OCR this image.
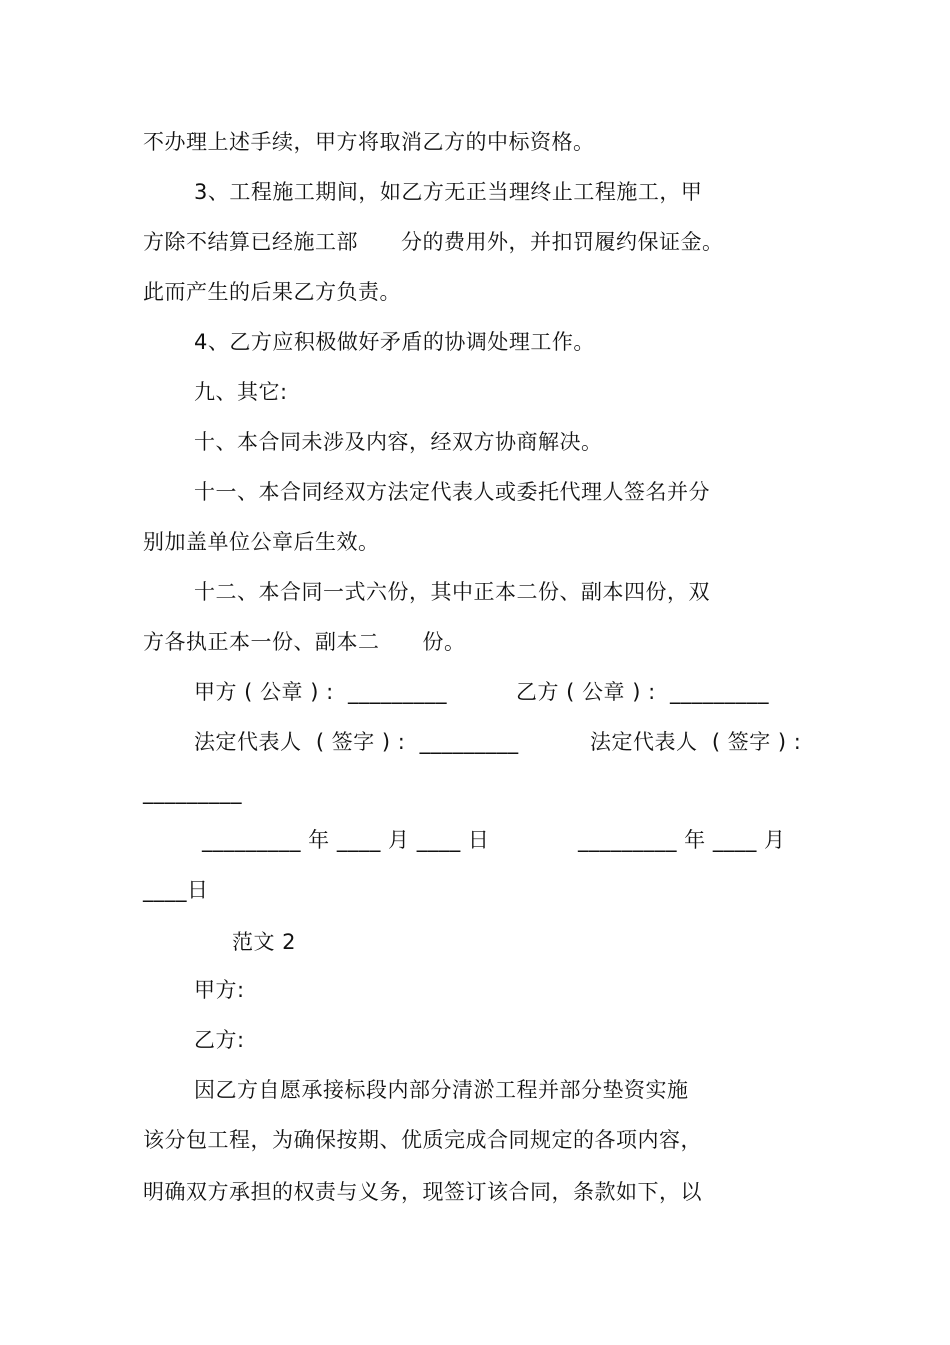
不办理上述手续，甲方将取消乙方的中标资格。
3、工程施工期间，如乙方无正当理终止工程施工，甲
方除不结算已经施工部　　分的费用外，并扣罚履约保证金。
此而产生的后果乙方负责。
4、乙方应积极做好矛盾的协调处理工作。
九、其它:
十、本合同未涉及内容，经双方协商解决。
十一、本合同经双方法定代表人或委托代理人签名并分
别加盖单位公章后生效。
十二、本合同一式六份，其中正本二份、副本四份，双
方各执正本一份、副本二　　份。
甲方 ( 公章 ) :  _________	乙方 ( 公章 ) :  _________
法定代表人  ( 签字 ) :  _________	法定代表人  ( 签字 ) :
_________
_________ 年 ____ 月 ____ 日	_________ 年 ____ 月
____日
范文 2
甲方:
乙方:
因乙方自愿承接标段内部分清淤工程并部分垫资实施
该分包工程，为确保按期、优质完成合同规定的各项内容，
明确双方承担的权责与义务，现签订该合同，条款如下，以
